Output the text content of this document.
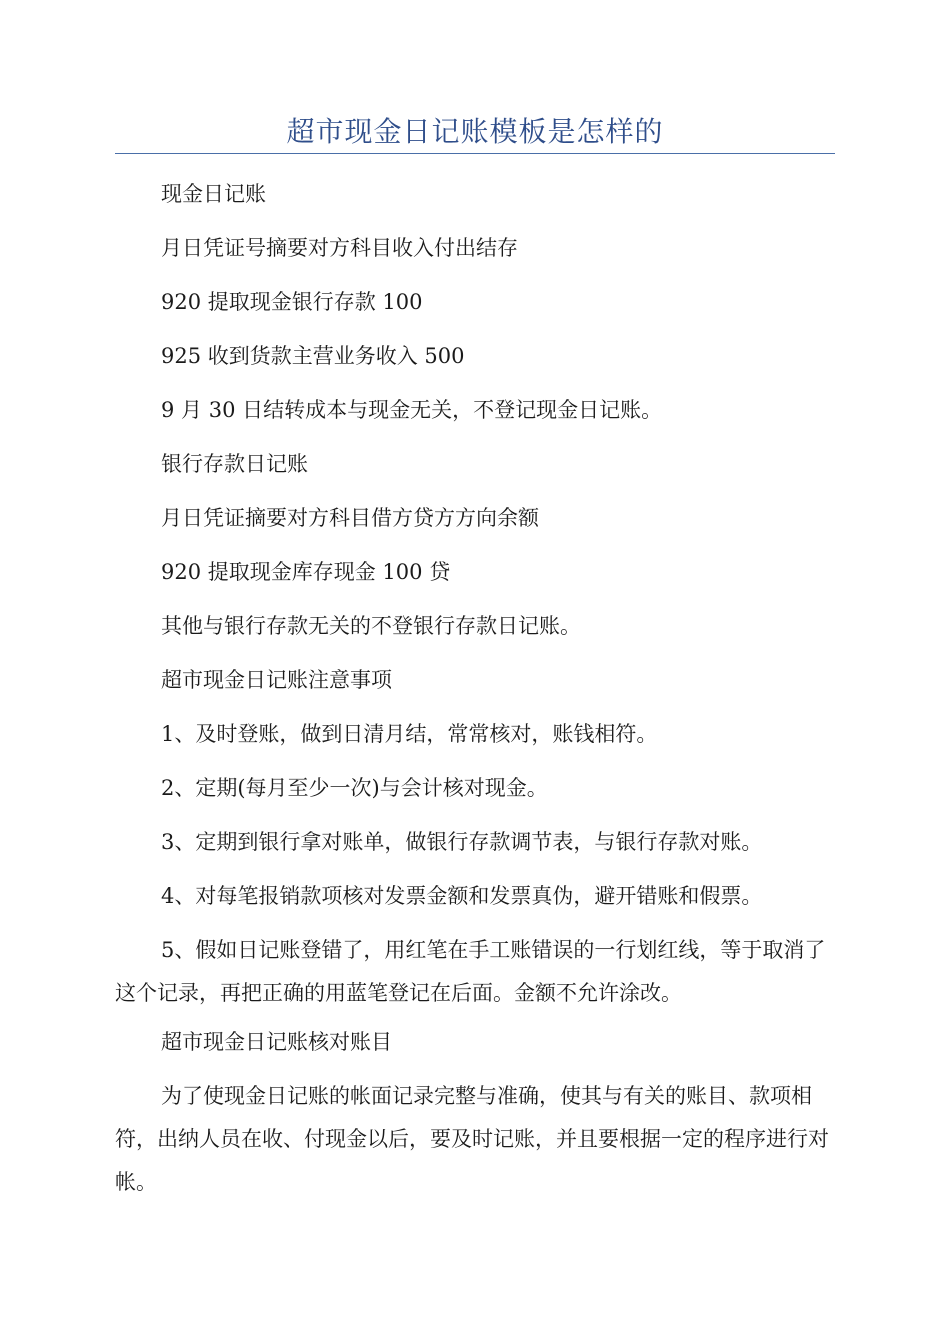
超市现金日记账模板是怎样的

现金日记账

月日凭证号摘要对方科目收入付出结存

920 提取现金银行存款 100

925 收到货款主营业务收入 500

9 月 30 日结转成本与现金无关，不登记现金日记账。

银行存款日记账

月日凭证摘要对方科目借方贷方方向余额

920 提取现金库存现金 100 贷

其他与银行存款无关的不登银行存款日记账。

超市现金日记账注意事项

1、及时登账，做到日清月结，常常核对，账钱相符。

2、定期(每月至少一次)与会计核对现金。

3、定期到银行拿对账单，做银行存款调节表，与银行存款对账。

4、对每笔报销款项核对发票金额和发票真伪，避开错账和假票。

5、假如日记账登错了，用红笔在手工账错误的一行划红线，等于取消了这个记录，再把正确的用蓝笔登记在后面。金额不允许涂改。

超市现金日记账核对账目

为了使现金日记账的帐面记录完整与准确，使其与有关的账目、款项相符，出纳人员在收、付现金以后，要及时记账，并且要根据一定的程序进行对帐。
